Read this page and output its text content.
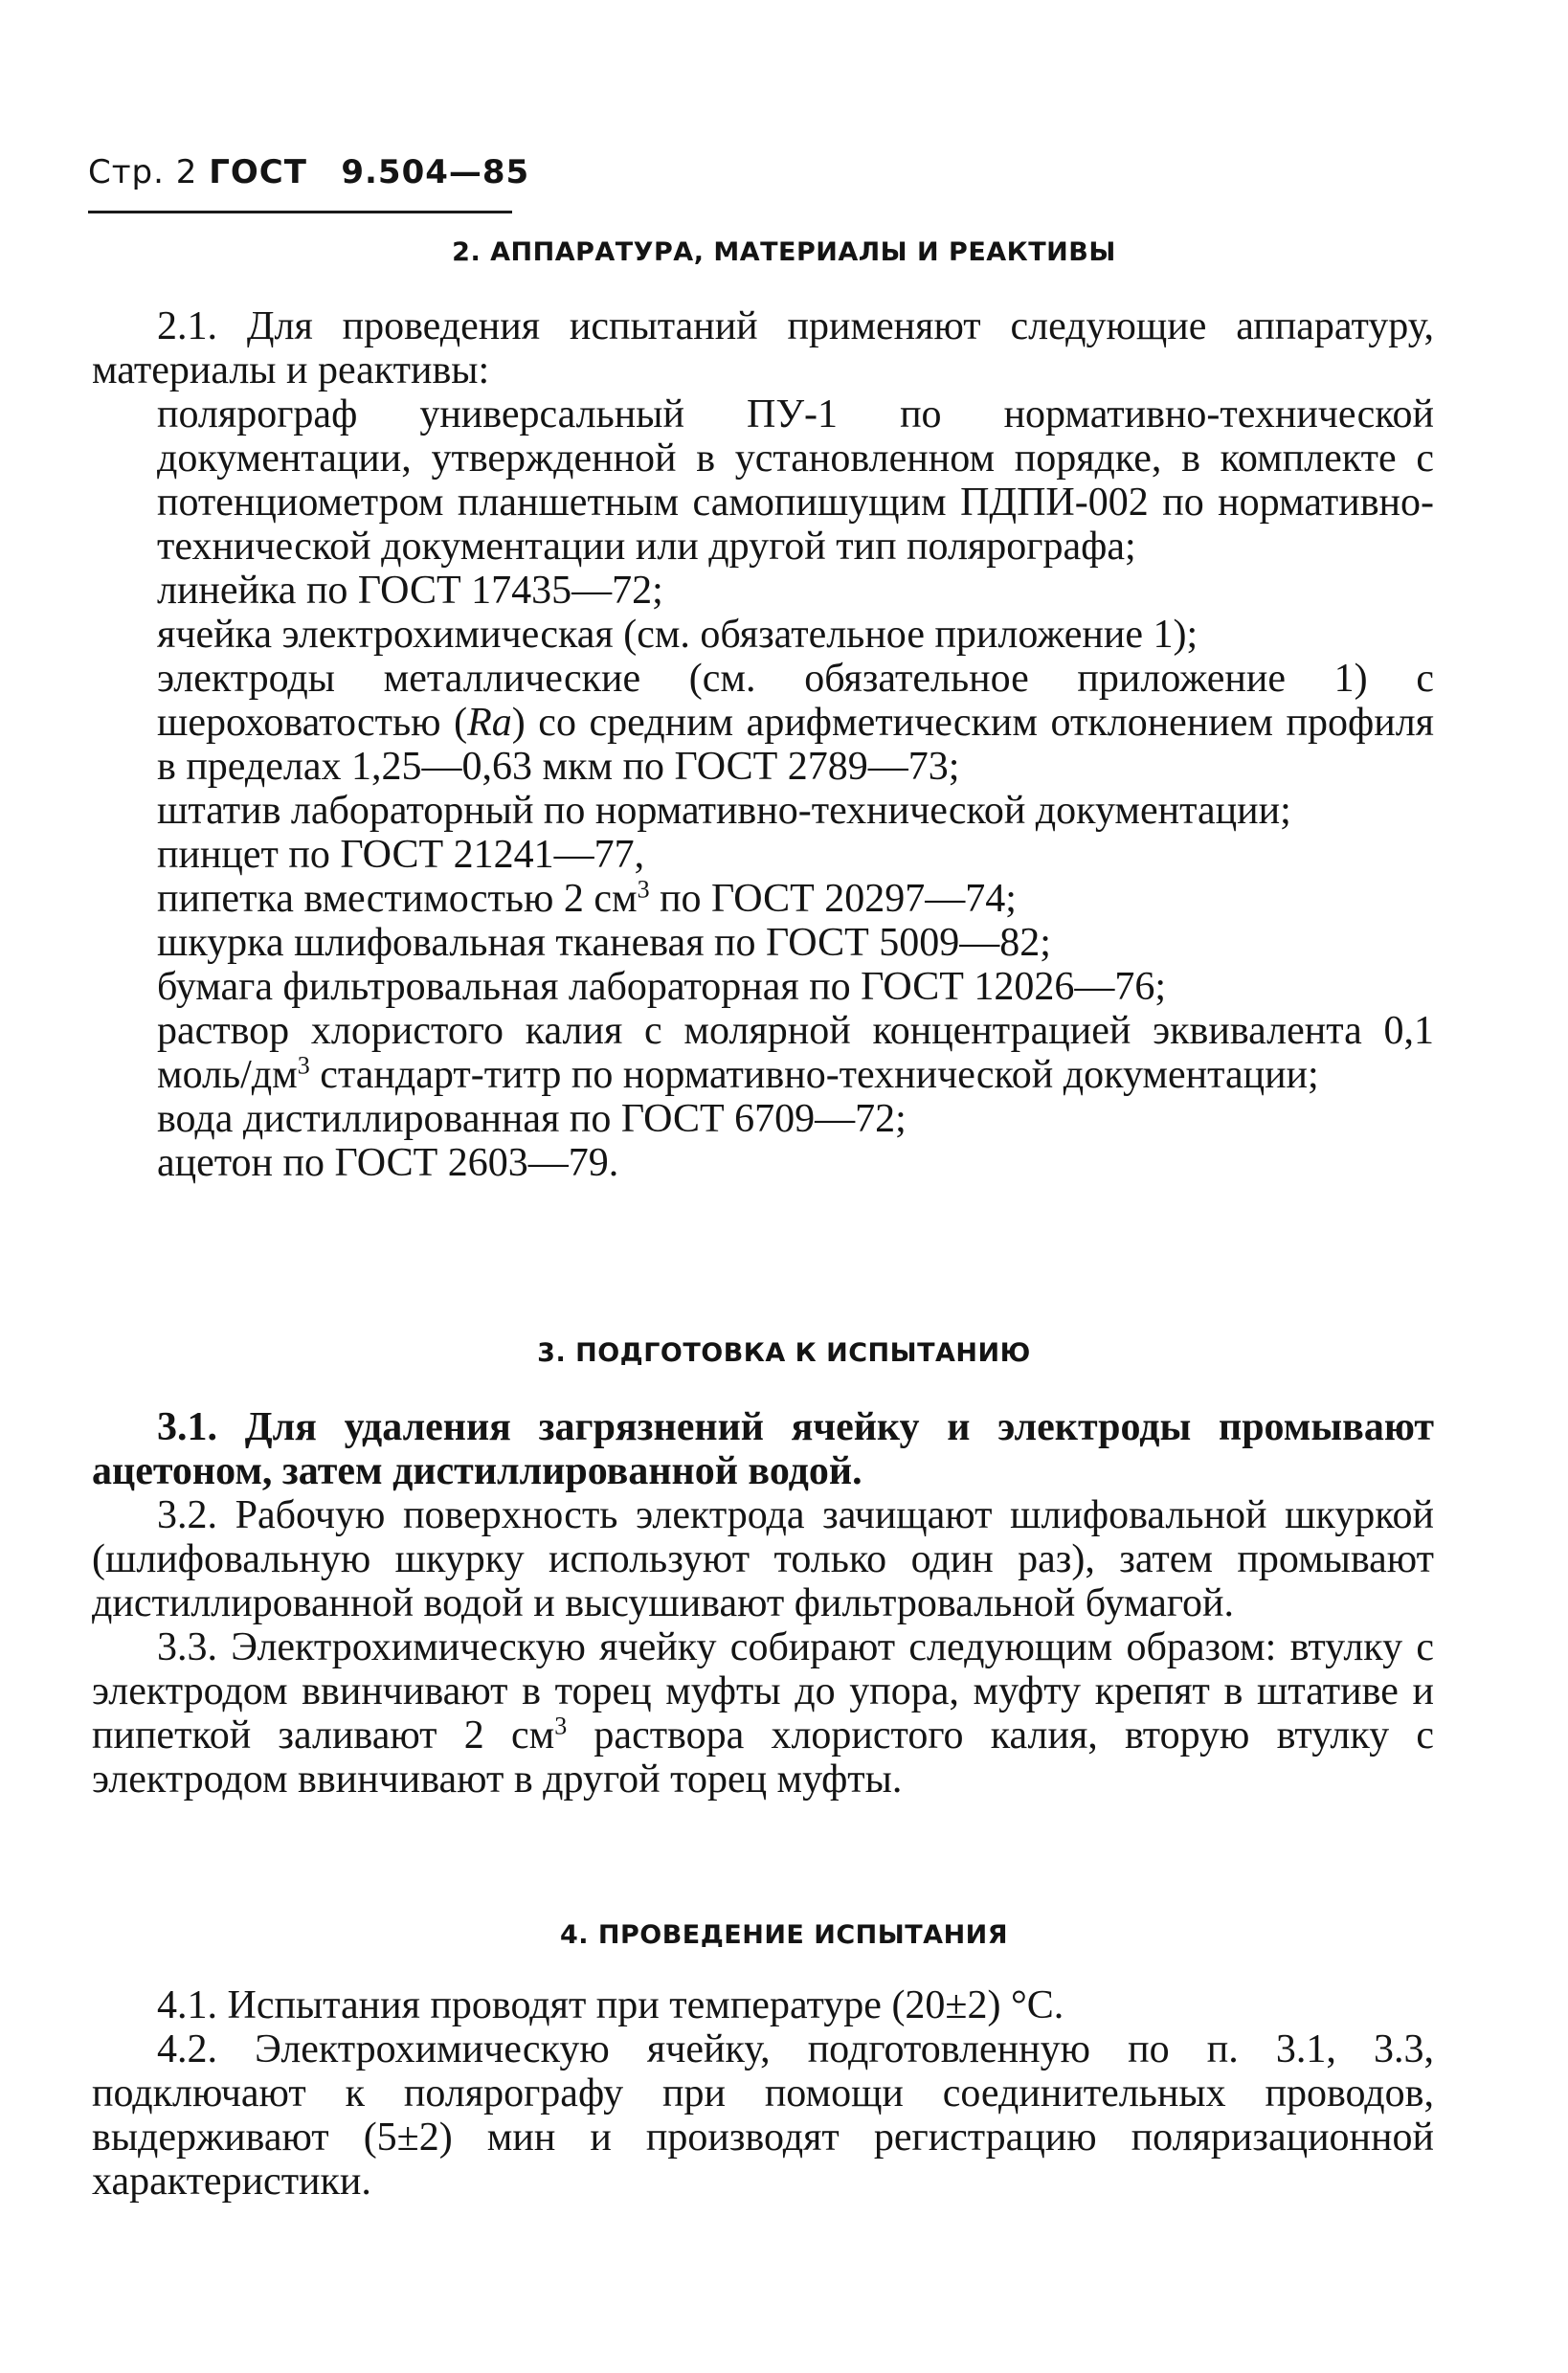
Стр. 2 ГОСТ 9.504—85
2. АППАРАТУРА, МАТЕРИАЛЫ И РЕАКТИВЫ

2.1. Для проведения испытаний применяют следующие аппаратуру, материалы и реактивы:

полярограф универсальный ПУ-1 по нормативно-технической документации, утвержденной в установленном порядке, в комплекте с потенциометром планшетным самопишущим ПДПИ-002 по нормативно-технической документации или другой тип полярографа;

линейка по ГОСТ 17435—72;

ячейка электрохимическая (см. обязательное приложение 1);

электроды металлические (см. обязательное приложение 1) с шероховатостью (Ra) со средним арифметическим отклонением профиля в пределах 1,25—0,63 мкм по ГОСТ 2789—73;

штатив лабораторный по нормативно-технической документации;

пинцет по ГОСТ 21241—77,

пипетка вместимостью 2 $см^3$ по ГОСТ 20297—74;

шкурка шлифовальная тканевая по ГОСТ 5009—82;

бумага фильтровальная лабораторная по ГОСТ 12026—76;

раствор хлористого калия с молярной концентрацией эквивалента 0,1 моль/$дм^3$ стандарт-титр по нормативно-технической документации;

вода дистиллированная по ГОСТ 6709—72;

ацетон по ГОСТ 2603—79.

3. ПОДГОТОВКА К ИСПЫТАНИЮ

3.1. Для удаления загрязнений ячейку и электроды промывают ацетоном, затем дистиллированной водой.

3.2. Рабочую поверхность электрода зачищают шлифовальной шкуркой (шлифовальную шкурку используют только один раз), затем промывают дистиллированной водой и высушивают фильтровальной бумагой.

3.3. Электрохимическую ячейку собирают следующим образом: втулку с электродом ввинчивают в торец муфты до упора, муфту крепят в штативе и пипеткой заливают 2 $см^3$ раствора хлористого калия, вторую втулку с электродом ввинчивают в другой торец муфты.

4. ПРОВЕДЕНИЕ ИСПЫТАНИЯ

4.1. Испытания проводят при температуре (20±2) °С.

4.2. Электрохимическую ячейку, подготовленную по п. 3.1, 3.3, подключают к полярографу при помощи соединительных проводов, выдерживают (5±2) мин и производят регистрацию поляризационной характеристики.
